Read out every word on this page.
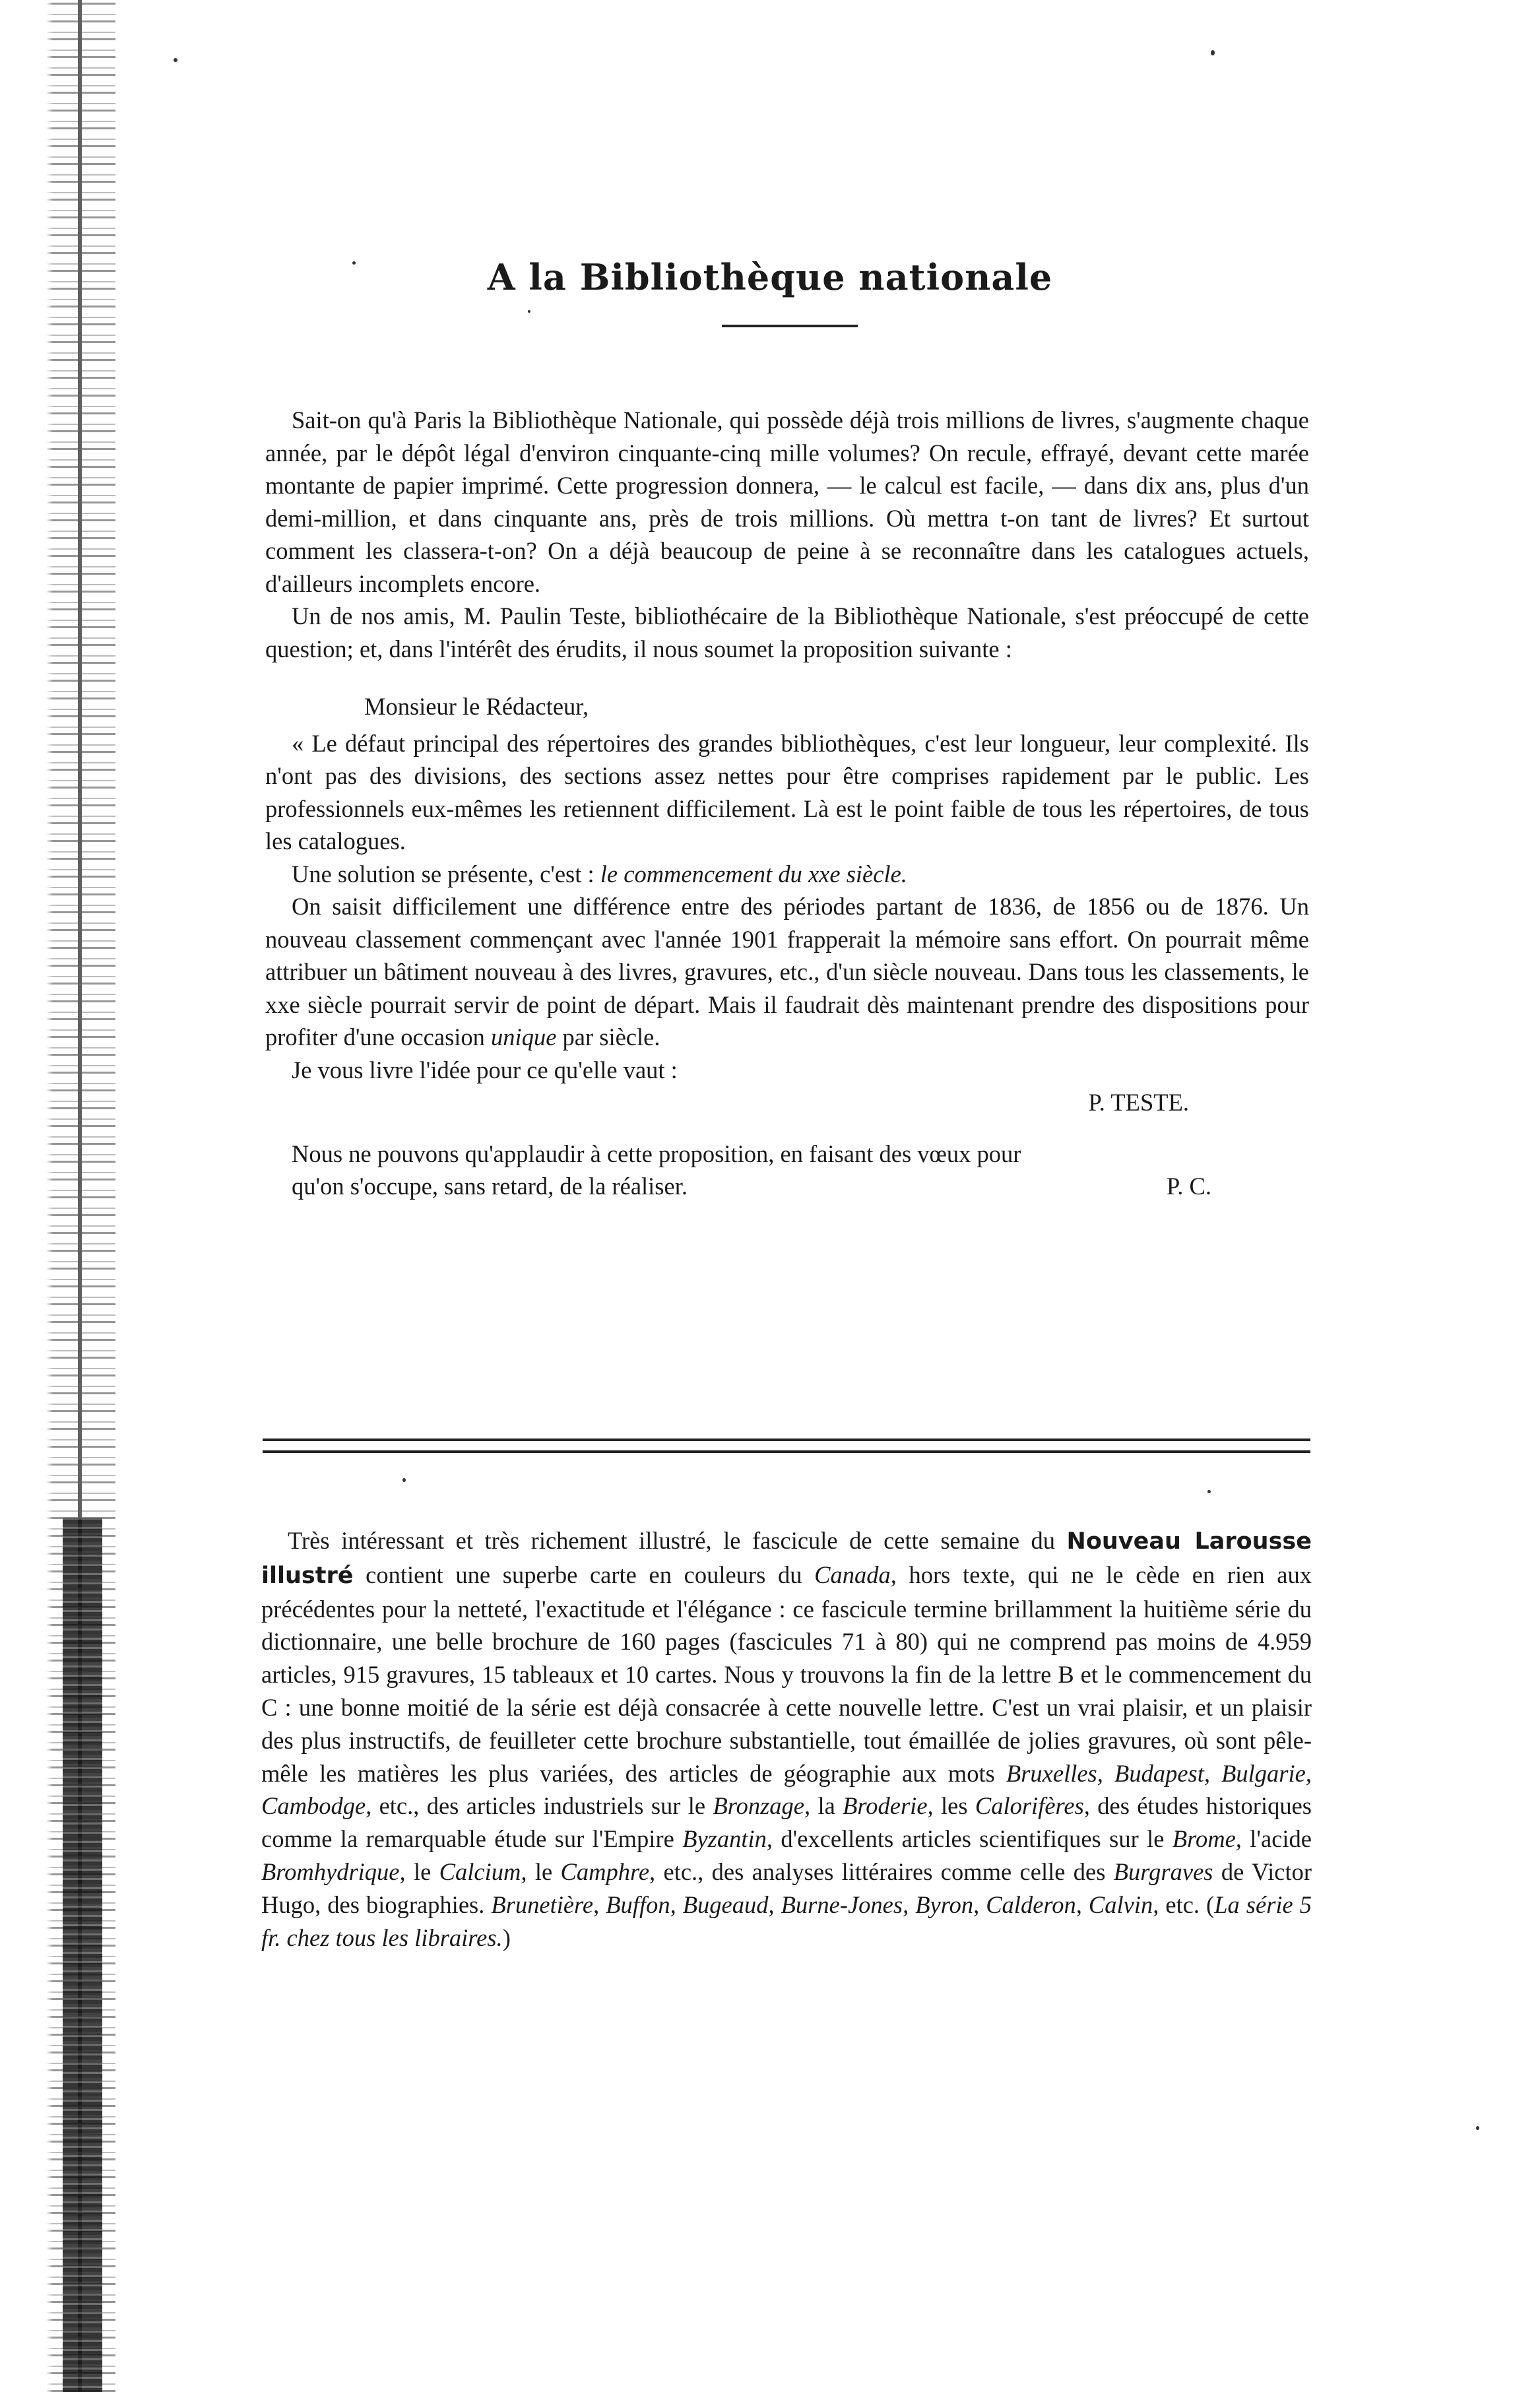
A la Bibliothèque nationale

Sait-on qu'à Paris la Bibliothèque Nationale, qui possède déjà trois millions de livres, s'augmente chaque année, par le dépôt légal d'environ cinquante-cinq mille volumes? On recule, effrayé, devant cette marée montante de papier imprimé. Cette progression donnera, — le calcul est facile, — dans dix ans, plus d'un demi-million, et dans cinquante ans, près de trois millions. Où mettra t-on tant de livres? Et surtout comment les classera-t-on? On a déjà beaucoup de peine à se reconnaître dans les catalogues actuels, d'ailleurs incomplets encore.

Un de nos amis, M. Paulin Teste, bibliothécaire de la Bibliothèque Nationale, s'est préoccupé de cette question; et, dans l'intérêt des érudits, il nous soumet la proposition suivante :

Monsieur le Rédacteur,

« Le défaut principal des répertoires des grandes bibliothèques, c'est leur longueur, leur complexité. Ils n'ont pas des divisions, des sections assez nettes pour être comprises rapidement par le public. Les professionnels eux-mêmes les retiennent difficilement. Là est le point faible de tous les répertoires, de tous les catalogues.

Une solution se présente, c'est : le commencement du xxe siècle.

On saisit difficilement une différence entre des périodes partant de 1836, de 1856 ou de 1876. Un nouveau classement commençant avec l'année 1901 frapperait la mémoire sans effort. On pourrait même attribuer un bâtiment nouveau à des livres, gravures, etc., d'un siècle nouveau. Dans tous les classements, le xxe siècle pourrait servir de point de départ. Mais il faudrait dès maintenant prendre des dispositions pour profiter d'une occasion unique par siècle.

Je vous livre l'idée pour ce qu'elle vaut :

P. TESTE.

Nous ne pouvons qu'applaudir à cette proposition, en faisant des vœux pour

qu'on s'occupe, sans retard, de la réaliser.	P. C.

Très intéressant et très richement illustré, le fascicule de cette semaine du Nouveau Larousse illustré contient une superbe carte en couleurs du Canada, hors texte, qui ne le cède en rien aux précédentes pour la netteté, l'exactitude et l'élégance : ce fascicule termine brillamment la huitième série du dictionnaire, une belle brochure de 160 pages (fascicules 71 à 80) qui ne comprend pas moins de 4.959 articles, 915 gravures, 15 tableaux et 10 cartes. Nous y trouvons la fin de la lettre B et le commencement du C : une bonne moitié de la série est déjà consacrée à cette nouvelle lettre. C'est un vrai plaisir, et un plaisir des plus instructifs, de feuilleter cette brochure substantielle, tout émaillée de jolies gravures, où sont pêle-mêle les matières les plus variées, des articles de géographie aux mots Bruxelles, Budapest, Bulgarie, Cambodge, etc., des articles industriels sur le Bronzage, la Broderie, les Calorifères, des études historiques comme la remarquable étude sur l'Empire Byzantin, d'excellents articles scientifiques sur le Brome, l'acide Bromhydrique, le Calcium, le Camphre, etc., des analyses littéraires comme celle des Burgraves de Victor Hugo, des biographies. Brunetière, Buffon, Bugeaud, Burne-Jones, Byron, Calderon, Calvin, etc. (La série 5 fr. chez tous les libraires.)
